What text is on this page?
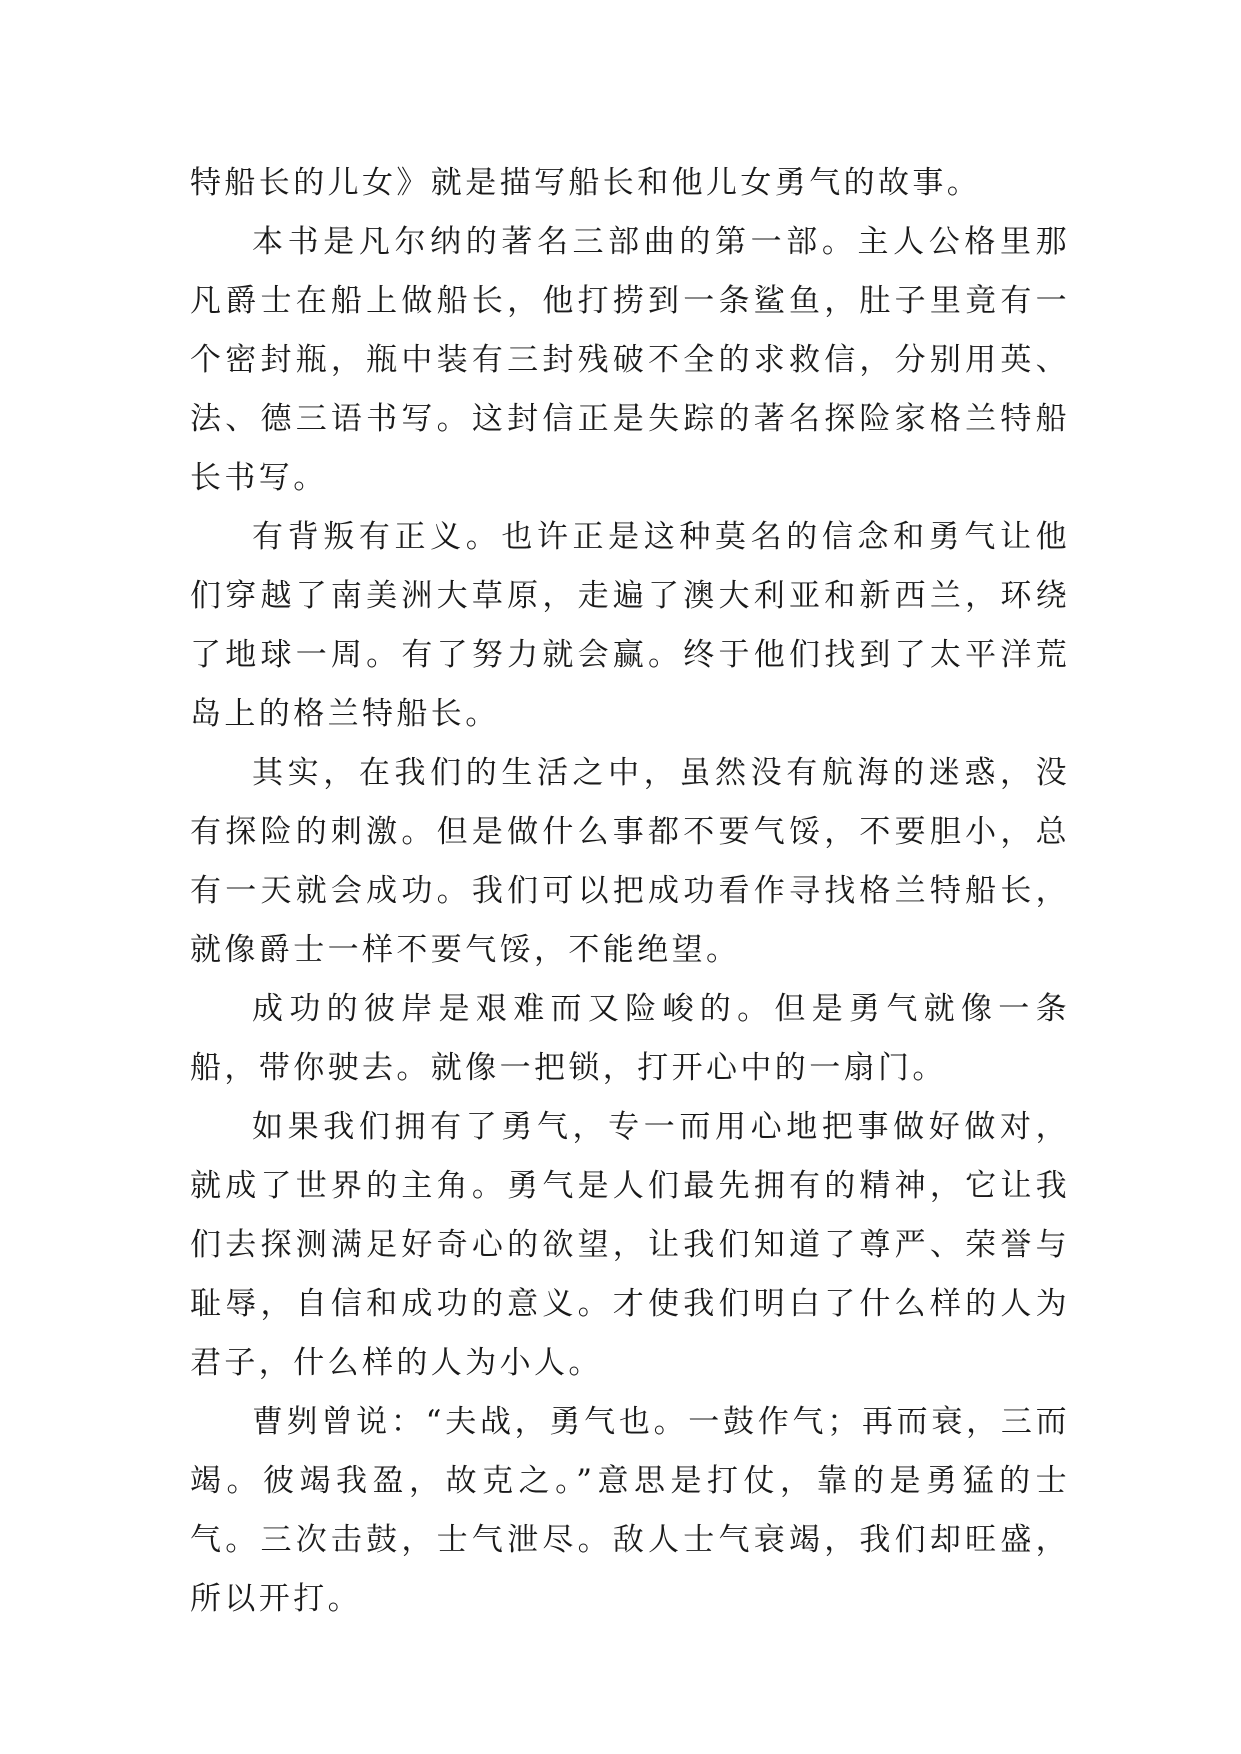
特船长的儿女》就是描写船长和他儿女勇气的故事。

本书是凡尔纳的著名三部曲的第一部。主人公格里那凡爵士在船上做船长，他打捞到一条鲨鱼，肚子里竟有一个密封瓶，瓶中装有三封残破不全的求救信，分别用英、法、德三语书写。这封信正是失踪的著名探险家格兰特船长书写。

有背叛有正义。也许正是这种莫名的信念和勇气让他们穿越了南美洲大草原，走遍了澳大利亚和新西兰，环绕了地球一周。有了努力就会赢。终于他们找到了太平洋荒岛上的格兰特船长。

其实，在我们的生活之中，虽然没有航海的迷惑，没有探险的刺激。但是做什么事都不要气馁，不要胆小，总有一天就会成功。我们可以把成功看作寻找格兰特船长，就像爵士一样不要气馁，不能绝望。

成功的彼岸是艰难而又险峻的。但是勇气就像一条船，带你驶去。就像一把锁，打开心中的一扇门。

如果我们拥有了勇气，专一而用心地把事做好做对，就成了世界的主角。勇气是人们最先拥有的精神，它让我们去探测满足好奇心的欲望，让我们知道了尊严、荣誉与耻辱，自信和成功的意义。才使我们明白了什么样的人为君子，什么样的人为小人。

曹刿曾说：“夫战，勇气也。一鼓作气；再而衰，三而竭。彼竭我盈，故克之。”意思是打仗，靠的是勇猛的士气。三次击鼓，士气泄尽。敌人士气衰竭，我们却旺盛，所以开打。
